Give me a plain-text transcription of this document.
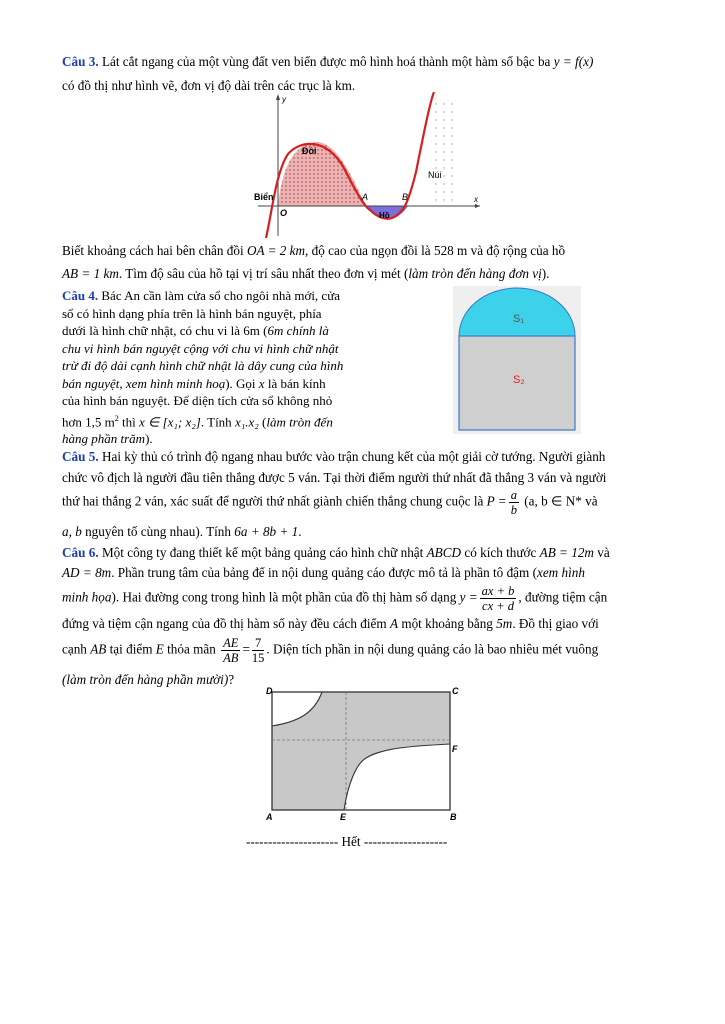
Câu 3. Lát cắt ngang của một vùng đất ven biển được mô hình hoá thành một hàm số bậc ba y = f(x)
có đồ thị như hình vẽ, đơn vị độ dài trên các trục là km.
y
x
Đồi
Núi
Biển
O
A	B
Hồ
Biết khoảng cách hai bên chân đồi OA = 2 km, độ cao của ngọn đồi là 528 m và độ rộng của hồ
AB = 1 km. Tìm độ sâu của hồ tại vị trí sâu nhất theo đơn vị mét (làm tròn đến hàng đơn vị).
Câu 4. Bác An cần làm cửa sổ cho ngôi nhà mới, cửa
sổ có hình dạng phía trên là hình bán nguyệt, phía
dưới là hình chữ nhật, có chu vi là 6m (6m chính là
chu vi hình bán nguyệt cộng với chu vi hình chữ nhật
trừ đi độ dài cạnh hình chữ nhật là dây cung của hình
bán nguyệt, xem hình minh hoạ). Gọi x là bán kính
của hình bán nguyệt. Để diện tích cửa sổ không nhỏ
hơn 1,5 $m^2$ thì x ∈ [x₁; x₂]. Tính x₁.x₂ (làm tròn đến
hàng phần trăm).
S₁
S₂
Câu 5. Hai kỳ thủ có trình độ ngang nhau bước vào trận chung kết của một giải cờ tướng. Người giành
chức vô địch là người đầu tiên thắng được 5 ván. Tại thời điểm người thứ nhất đã thắng 3 ván và người
thứ hai thắng 2 ván, xác suất để người thứ nhất giành chiến thắng chung cuộc là $P = \frac{a}{b} (a$, b ∈ N* và
a, b nguyên tố cùng nhau). Tính 6a + 8b + 1.
Câu 6. Một công ty đang thiết kế một bảng quảng cáo hình chữ nhật ABCD có kích thước AB = 12m và
AD = 8m. Phần trung tâm của bảng để in nội dung quảng cáo được mô tả là phần tô đậm (xem hình
minh họa). Hai đường cong trong hình là một phần của đồ thị hàm số dạng $y = \frac{ax + b}{cx + d}$ , đường tiệm cận
đứng và tiệm cận ngang của đồ thị hàm số này đều cách điểm A một khoảng bằng 5m. Đồ thị giao với
cạnh AB tại điểm E thỏa mãn $\frac{AE}{AB} = \frac{7}{15}$ . Diện tích phần in nội dung quảng cáo là bao nhiêu mét vuông
(làm tròn đến hàng phần mười)?
D	C
F
A	E	B
--------------------- Hết -------------------
